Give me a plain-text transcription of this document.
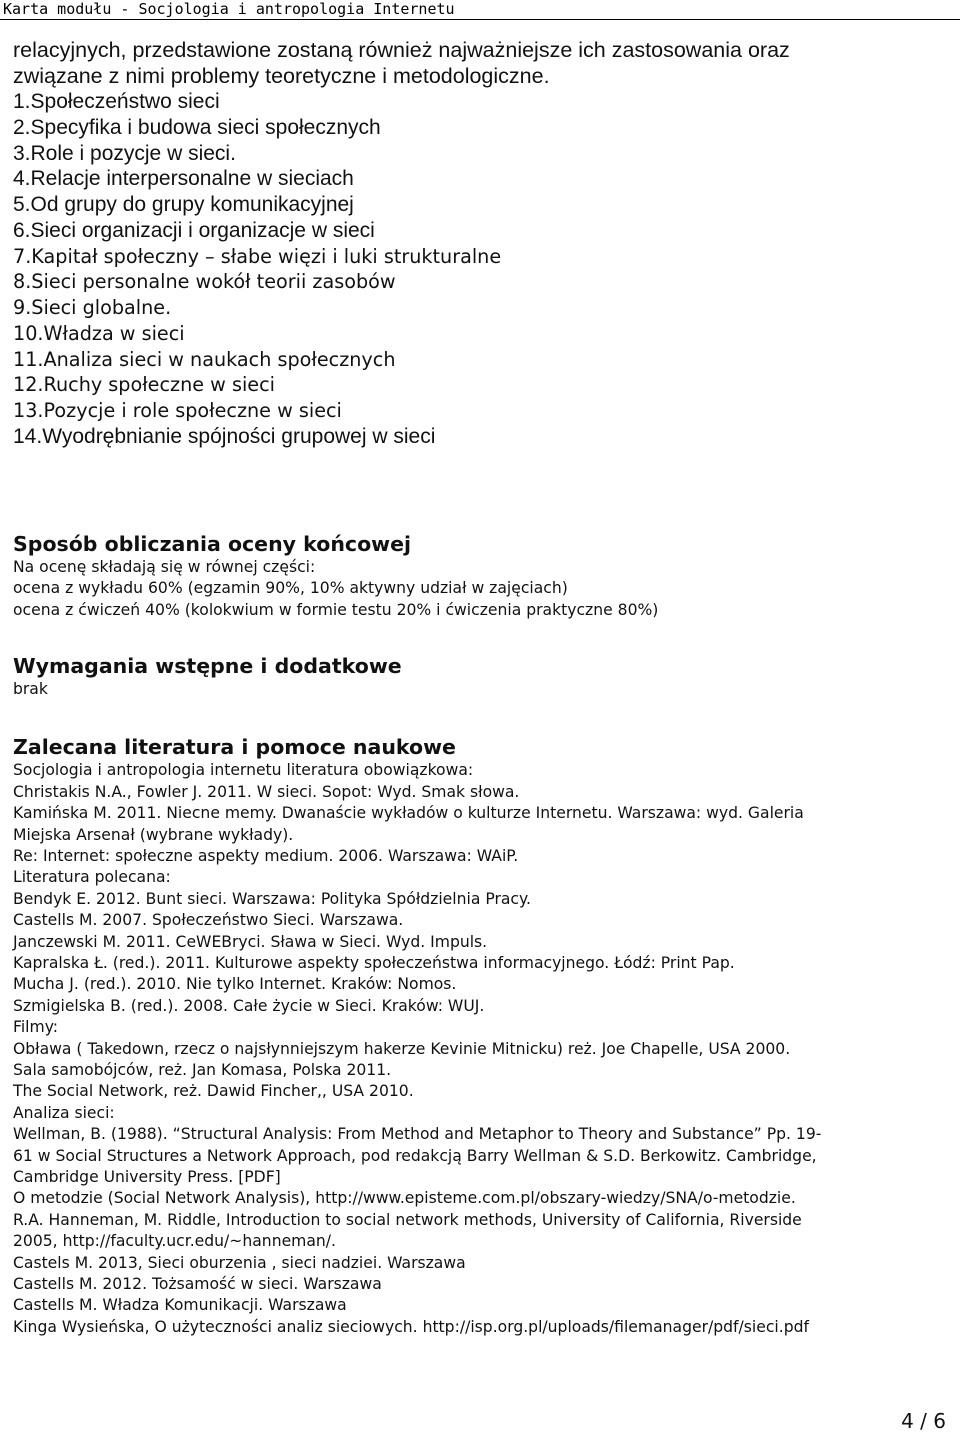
Karta modułu - Socjologia i antropologia Internetu

relacyjnych, przedstawione zostaną również najważniejsze ich zastosowania oraz

związane z nimi problemy teoretyczne i metodologiczne.

1.Społeczeństwo sieci
2.Specyfika i budowa sieci społecznych
3.Role i pozycje w sieci.
4.Relacje interpersonalne w sieciach
5.Od grupy do grupy komunikacyjnej
6.Sieci organizacji i organizacje w sieci
7.Kapitał społeczny – słabe więzi i luki strukturalne
8.Sieci personalne wokół teorii zasobów
9.Sieci globalne.
10.Władza w sieci
11.Analiza sieci w naukach społecznych
12.Ruchy społeczne w sieci
13.Pozycje i role społeczne w sieci
14.Wyodrębnianie spójności grupowej w sieci
Sposób obliczania oceny końcowej

Na ocenę składają się w równej części:

ocena z wykładu 60% (egzamin 90%, 10% aktywny udział w zajęciach)

ocena z ćwiczeń 40% (kolokwium w formie testu 20% i ćwiczenia praktyczne 80%)

Wymagania wstępne i dodatkowe

brak

Zalecana literatura i pomoce naukowe

Socjologia i antropologia internetu literatura obowiązkowa:

Christakis N.A., Fowler J. 2011. W sieci. Sopot: Wyd. Smak słowa.

Kamińska M. 2011. Niecne memy. Dwanaście wykładów o kulturze Internetu. Warszawa: wyd. Galeria

Miejska Arsenał (wybrane wykłady).

Re: Internet: społeczne aspekty medium. 2006. Warszawa: WAiP.

Literatura polecana:

Bendyk E. 2012. Bunt sieci. Warszawa: Polityka Spółdzielnia Pracy.

Castells M. 2007. Społeczeństwo Sieci. Warszawa.

Janczewski M. 2011. CeWEBryci. Sława w Sieci. Wyd. Impuls.

Kapralska Ł. (red.). 2011. Kulturowe aspekty społeczeństwa informacyjnego. Łódź: Print Pap.

Mucha J. (red.). 2010. Nie tylko Internet. Kraków: Nomos.

Szmigielska B. (red.). 2008. Całe życie w Sieci. Kraków: WUJ.

Filmy:

Obława ( Takedown, rzecz o najsłynniejszym hakerze Kevinie Mitnicku) reż. Joe Chapelle, USA 2000.

Sala samobójców, reż. Jan Komasa, Polska 2011.

The Social Network, reż. Dawid Fincher,, USA 2010.

Analiza sieci:

Wellman, B. (1988). “Structural Analysis: From Method and Metaphor to Theory and Substance” Pp. 19-

61 w Social Structures a Network Approach, pod redakcją Barry Wellman & S.D. Berkowitz. Cambridge,

Cambridge University Press. [PDF]

O metodzie (Social Network Analysis), http://www.episteme.com.pl/obszary-wiedzy/SNA/o-metodzie.

R.A. Hanneman, M. Riddle, Introduction to social network methods, University of California, Riverside

2005, http://faculty.ucr.edu/~hanneman/.

Castels M. 2013, Sieci oburzenia , sieci nadziei. Warszawa

Castells M. 2012. Tożsamość w sieci. Warszawa

Castells M. Władza Komunikacji. Warszawa

Kinga Wysieńska, O użyteczności analiz sieciowych. http://isp.org.pl/uploads/filemanager/pdf/sieci.pdf

4 / 6
